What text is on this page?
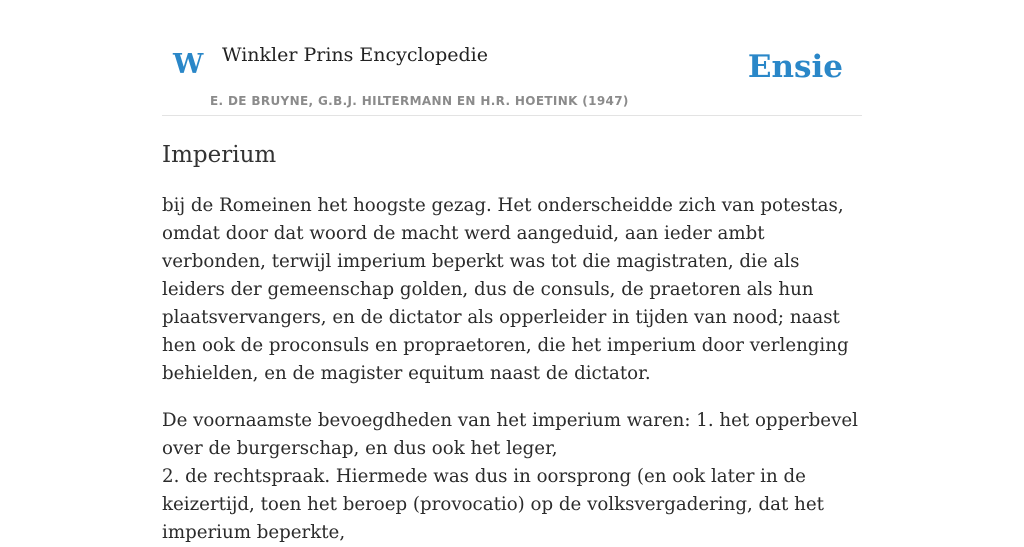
W Winkler Prins Encyclopedie	Ensie
E. DE BRUYNE, G.B.J. HILTERMANN EN H.R. HOETINK (1947)
Imperium

bij de Romeinen het hoogste gezag. Het onderscheidde zich van potestas, omdat door dat woord de macht werd aangeduid, aan ieder ambt verbonden, terwijl imperium beperkt was tot die magistraten, die als leiders der gemeenschap golden, dus de consuls, de praetoren als hun plaatsvervangers, en de dictator als opperleider in tijden van nood; naast hen ook de proconsuls en propraetoren, die het imperium door verlenging behielden, en de magister equitum naast de dictator.

De voornaamste bevoegdheden van het imperium waren: 1. het opperbevel over de burgerschap, en dus ook het leger,
2. de rechtspraak. Hiermede was dus in oorsprong (en ook later in de keizertijd, toen het beroep (provocatio) op de volksvergadering, dat het imperium beperkte,
